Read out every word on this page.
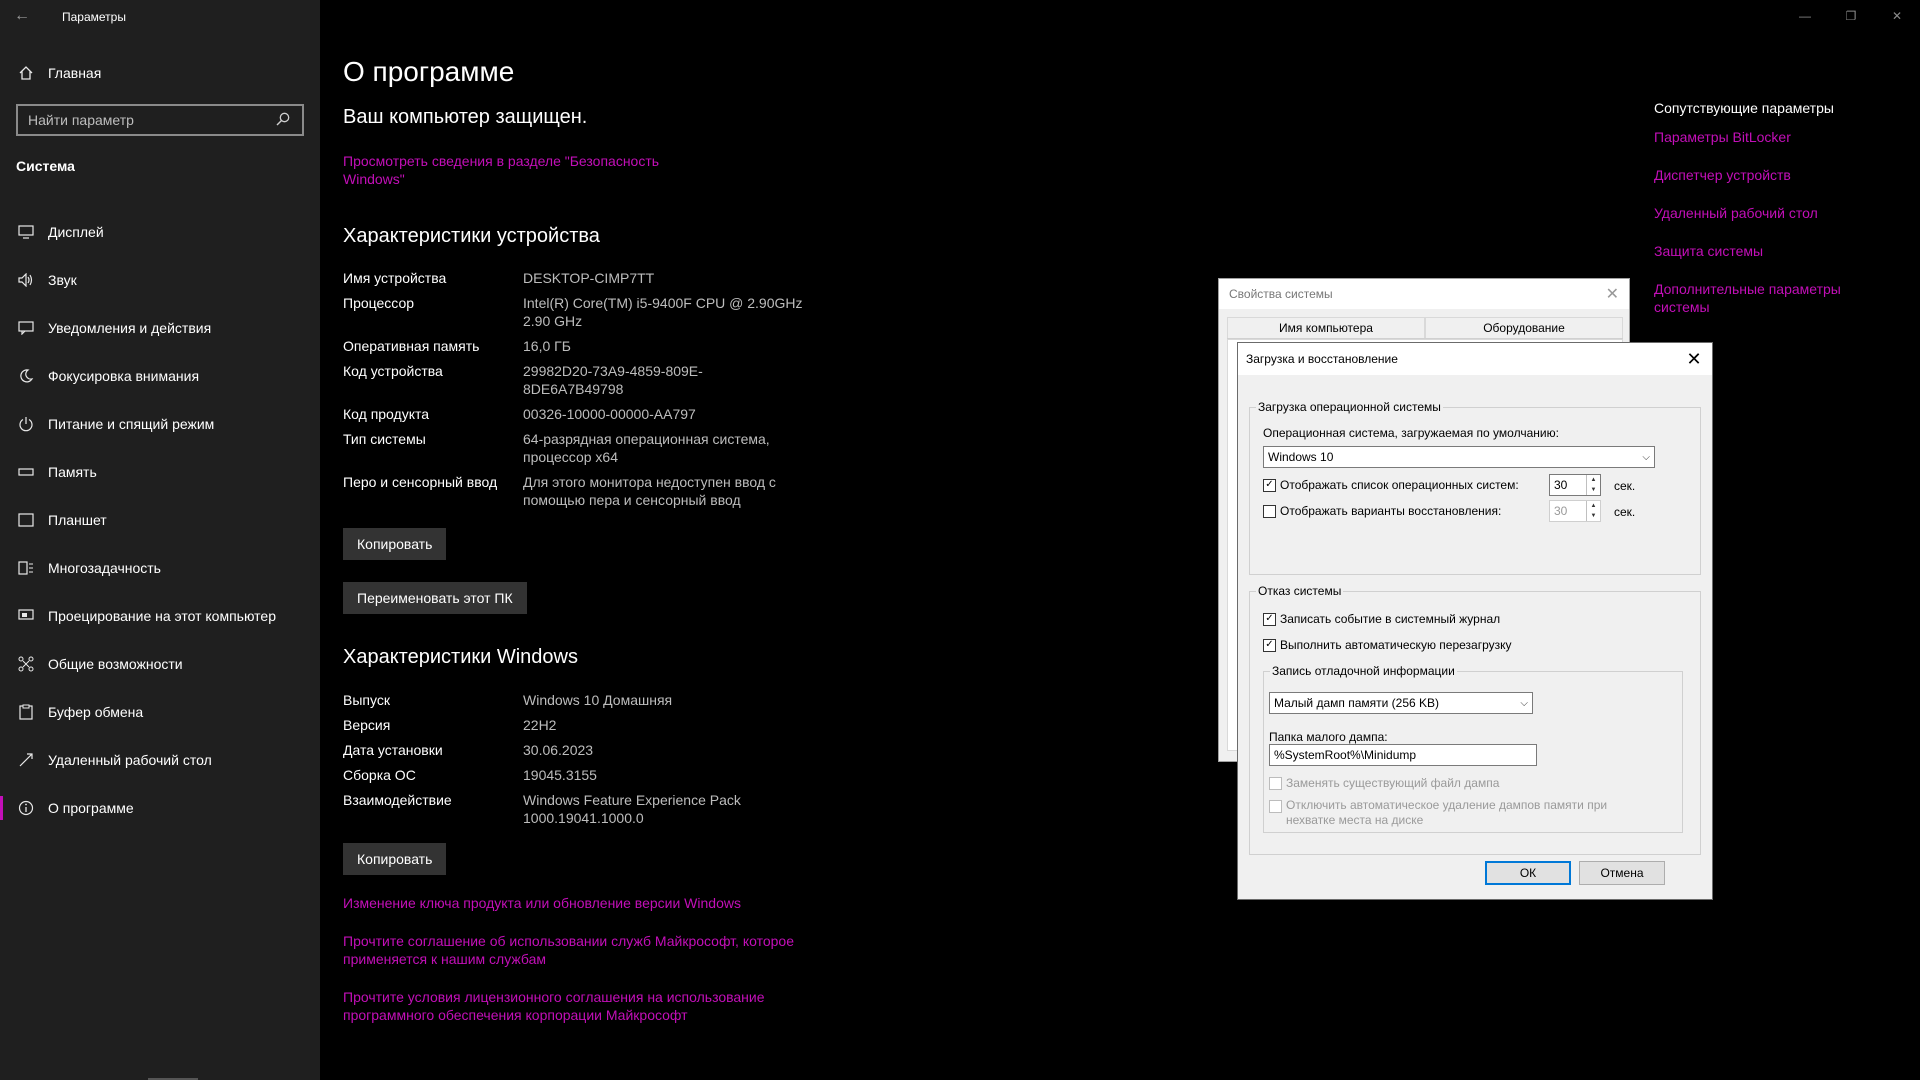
←	Параметры
Главная
Найти параметр
Система
Дисплей
Звук
Уведомления и действия
Фокусировка внимания
Питание и спящий режим
Память
Планшет
Многозадачность
Проецирование на этот компьютер
Общие возможности
Буфер обмена
Удаленный рабочий стол
О программе
—	❐	✕
О программе
Ваш компьютер защищен.
Просмотреть сведения в разделе "Безопасность Windows"
Характеристики устройства
Имя устройства	DESKTOP-CIMP7TT
Процессор	Intel(R) Core(TM) i5-9400F CPU @ 2.90GHz 2.90 GHz
Оперативная память	16,0 ГБ
Код устройства	29982D20-73A9-4859-809E-8DE6A7B49798
Код продукта	00326-10000-00000-AA797
Тип системы	64-разрядная операционная система, процессор x64
Перо и сенсорный ввод	Для этого монитора недоступен ввод с помощью пера и сенсорный ввод
Копировать
Переименовать этот ПК
Характеристики Windows
Выпуск	Windows 10 Домашняя
Версия	22H2
Дата установки	30.06.2023
Сборка ОС	19045.3155
Взаимодействие	Windows Feature Experience Pack 1000.19041.1000.0
Копировать
Изменение ключа продукта или обновление версии Windows
Прочтите соглашение об использовании служб Майкрософт, которое применяется к нашим службам
Прочтите условия лицензионного соглашения на использование программного обеспечения корпорации Майкрософт
Сопутствующие параметры
Параметры BitLocker
Диспетчер устройств
Удаленный рабочий стол
Защита системы
Дополнительные параметры системы
Свойства системы	✕
Имя компьютера	Оборудование
Загрузка и восстановление	✕
Загрузка операционной системы
Операционная система, загружаемая по умолчанию:
Windows 10	⌵
✓ Отображать список операционных систем:	30	▲
▼ сек.
Отображать варианты восстановления:	30	▲
▼ сек.
Отказ системы
✓ Записать событие в системный журнал
✓ Выполнить автоматическую перезагрузку
Запись отладочной информации
Малый дамп памяти (256 KB)	⌵
Папка малого дампа:
%SystemRoot%\Minidump
Заменять существующий файл дампа
Отключить автоматическое удаление дампов памяти при нехватке места на диске
ОК	Отмена
